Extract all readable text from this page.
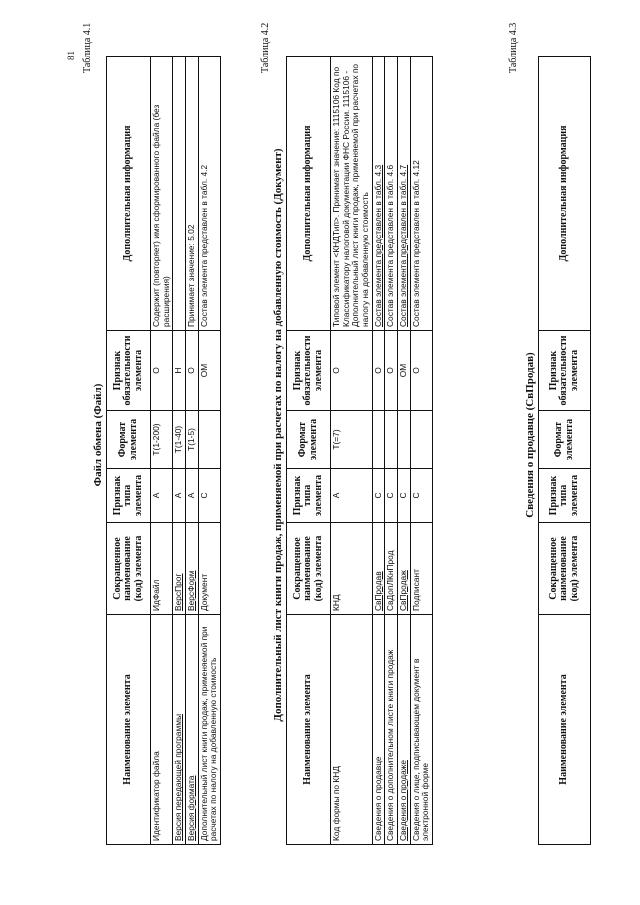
81 Таблица 4.1
Файл обмена (Файл)
Наименование элемента	Сокращенное наименование (код) элемента	Признак типа элемента	Формат элемента	Признак обязательности элемента	Дополнительная информация
Идентификатор файла	ИдФайл	А	T(1-200)	О	Содержит (повторяет) имя сформированного файла (без расширения)
Версия передающей программы	ВерсПрог	А	T(1-40)	Н	
Версия формата	ВерсФорм	А	T(1-5)	О	Принимает значение: 5.02
Дополнительный лист книги продаж, применяемой при расчетах по налогу на добавленную стоимость	Документ	С		ОМ	Состав элемента представлен в табл. 4.2
Таблица 4.2
Дополнительный лист книги продаж, применяемой при расчетах по налогу на добавленную стоимость (Документ)
Наименование элемента	Сокращенное наименование (код) элемента	Признак типа элемента	Формат элемента	Признак обязательности элемента	Дополнительная информация
Код формы по КНД	КНД	А	T(=7)	О	Типовой элемент <КНДТип>. Принимает значение: 1115106 Код по Классификатору налоговой документации ФНС России. 1115106 - Дополнительный лист книги продаж, применяемой при расчетах по налогу на добавленную стоимость
Сведения о продавце	СвПродав	С		О	Состав элемента представлен в табл. 4.3
Сведения о дополнительном листе книги продаж	СвДопЛКнПрод	С		О	Состав элемента представлен в табл. 4.6
Сведения о продаже	СвПродаж	С		ОМ	Состав элемента представлен в табл. 4.7
Сведения о лице, подписывающем документ в электронной форме	Подписант	С		О	Состав элемента представлен в табл. 4.12
Таблица 4.3
Сведения о продавце (СвПродав)
Наименование элемента	Сокращенное наименование (код) элемента	Признак типа элемента	Формат элемента	Признак обязательности элемента	Дополнительная информация
